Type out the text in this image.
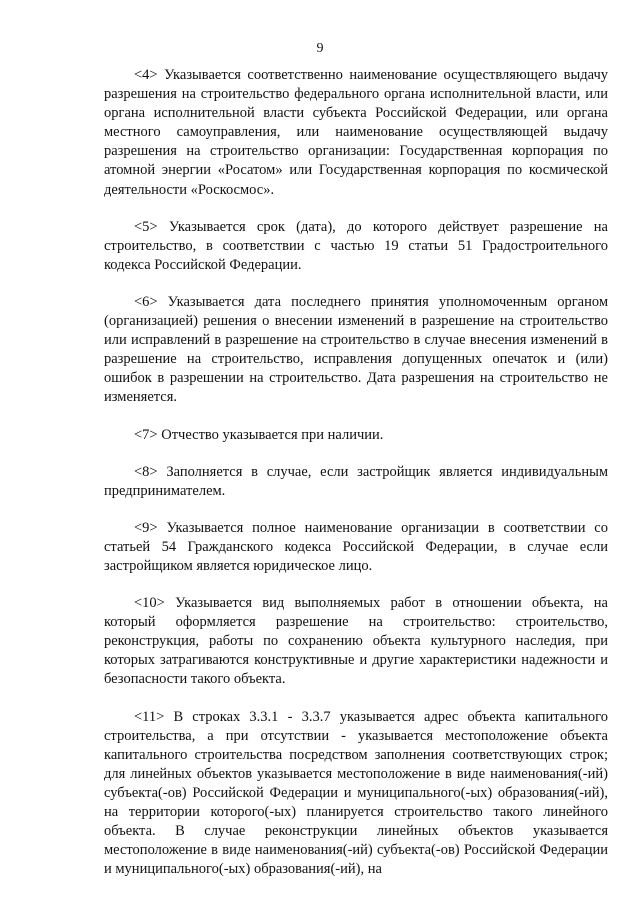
9

<4> Указывается соответственно наименование осуществляющего выдачу разрешения на строительство федерального органа исполнительной власти, или органа исполнительной власти субъекта Российской Федерации, или органа местного самоуправления, или наименование осуществляющей выдачу разрешения на строительство организации: Государственная корпорация по атомной энергии «Росатом» или Государственная корпорация по космической деятельности «Роскосмос».

<5> Указывается срок (дата), до которого действует разрешение на строительство, в соответствии с частью 19 статьи 51 Градостроительного кодекса Российской Федерации.

<6> Указывается дата последнего принятия уполномоченным органом (организацией) решения о внесении изменений в разрешение на строительство или исправлений в разрешение на строительство в случае внесения изменений в разрешение на строительство, исправления допущенных опечаток и (или) ошибок в разрешении на строительство. Дата разрешения на строительство не изменяется.

<7> Отчество указывается при наличии.

<8> Заполняется в случае, если застройщик является индивидуальным предпринимателем.

<9> Указывается полное наименование организации в соответствии со статьей 54 Гражданского кодекса Российской Федерации, в случае если застройщиком является юридическое лицо.

<10> Указывается вид выполняемых работ в отношении объекта, на который оформляется разрешение на строительство: строительство, реконструкция, работы по сохранению объекта культурного наследия, при которых затрагиваются конструктивные и другие характеристики надежности и безопасности такого объекта.

<11> В строках 3.3.1 - 3.3.7 указывается адрес объекта капитального строительства, а при отсутствии - указывается местоположение объекта капитального строительства посредством заполнения соответствующих строк; для линейных объектов указывается местоположение в виде наименования(-ий) субъекта(-ов) Российской Федерации и муниципального(-ых) образования(-ий), на территории которого(-ых) планируется строительство такого линейного объекта. В случае реконструкции линейных объектов указывается местоположение в виде наименования(-ий) субъекта(-ов) Российской Федерации и муниципального(-ых) образования(-ий), на
